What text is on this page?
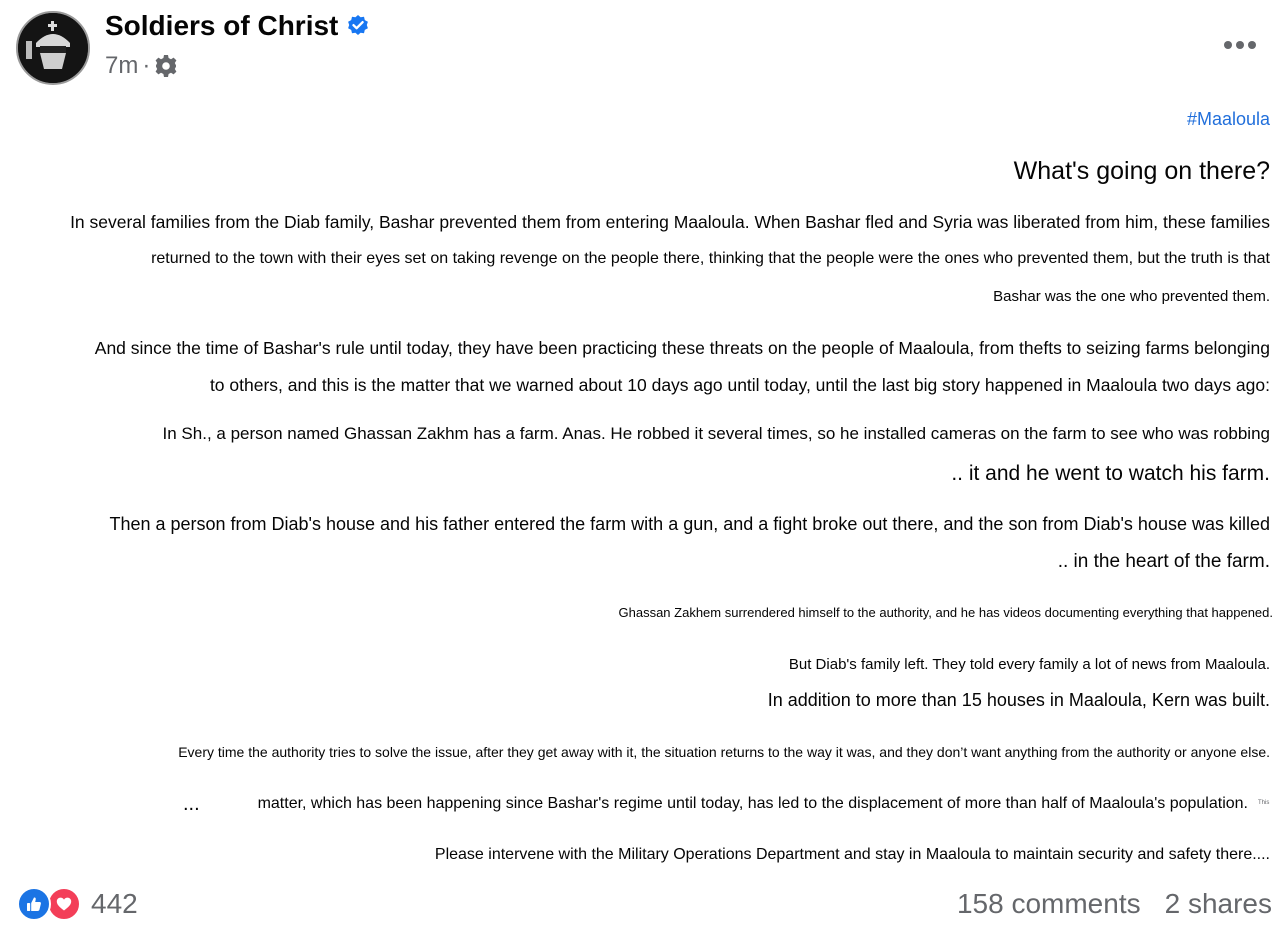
Soldiers of Christ
7m ·
#Maaloula
What's going on there?
In several families from the Diab family, Bashar prevented them from entering Maaloula. When Bashar fled and Syria was liberated from him, these families
returned to the town with their eyes set on taking revenge on the people there, thinking that the people were the ones who prevented them, but the truth is that
Bashar was the one who prevented them.
And since the time of Bashar's rule until today, they have been practicing these threats on the people of Maaloula, from thefts to seizing farms belonging
to others, and this is the matter that we warned about 10 days ago until today, until the last big story happened in Maaloula two days ago:
In Sh., a person named Ghassan Zakhm has a farm. Anas. He robbed it several times, so he installed cameras on the farm to see who was robbing
.. it and he went to watch his farm.
Then a person from Diab's house and his father entered the farm with a gun, and a fight broke out there, and the son from Diab's house was killed
.. in the heart of the farm.
Ghassan Zakhem surrendered himself to the authority, and he has videos documenting everything that happened.
But Diab's family left. They told every family a lot of news from Maaloula.
In addition to more than 15 houses in Maaloula, Kern was built.
Every time the authority tries to solve the issue, after they get away with it, the situation returns to the way it was, and they don’t want anything from the authority or anyone else.
...	matter, which has been happening since Bashar's regime until today, has led to the displacement of more than half of Maaloula's population. This
Please intervene with the Military Operations Department and stay in Maaloula to maintain security and safety there....
442	158 comments 2 shares
